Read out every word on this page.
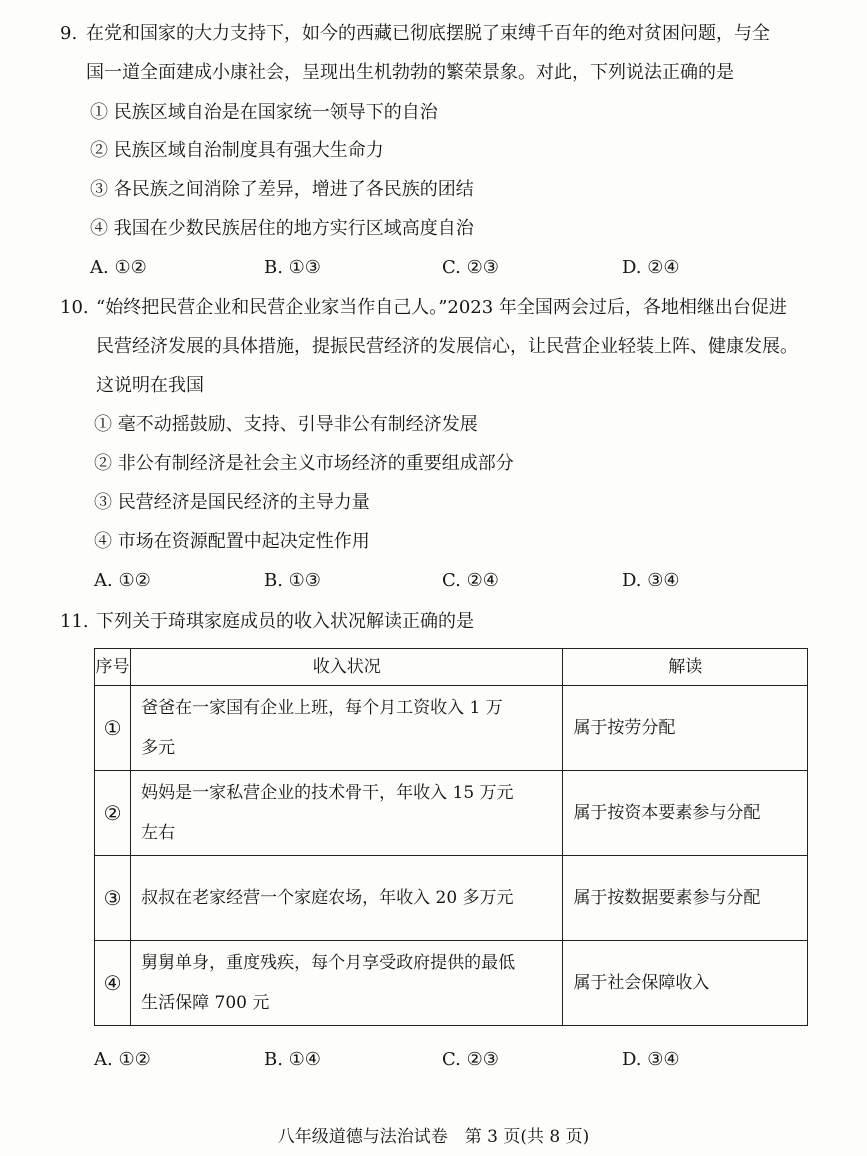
9. 在党和国家的大力支持下，如今的西藏已彻底摆脱了束缚千百年的绝对贫困问题，与全
国一道全面建成小康社会，呈现出生机勃勃的繁荣景象。对此，下列说法正确的是
① 民族区域自治是在国家统一领导下的自治
② 民族区域自治制度具有强大生命力
③ 各民族之间消除了差异，增进了各民族的团结
④ 我国在少数民族居住的地方实行区域高度自治
A. ①②	B. ①③	C. ②③	D. ②④
10. “始终把民营企业和民营企业家当作自己人。”2023 年全国两会过后，各地相继出台促进
民营经济发展的具体措施，提振民营经济的发展信心，让民营企业轻装上阵、健康发展。
这说明在我国
① 毫不动摇鼓励、支持、引导非公有制经济发展
② 非公有制经济是社会主义市场经济的重要组成部分
③ 民营经济是国民经济的主导力量
④ 市场在资源配置中起决定性作用
A. ①②	B. ①③	C. ②④	D. ③④
11. 下列关于琦琪家庭成员的收入状况解读正确的是
序号	收入状况	解读
①	爸爸在一家国有企业上班，每个月工资收入 1 万
多元	属于按劳分配
②	妈妈是一家私营企业的技术骨干，年收入 15 万元
左右	属于按资本要素参与分配
③	叔叔在老家经营一个家庭农场，年收入 20 多万元	属于按数据要素参与分配
④	舅舅单身，重度残疾，每个月享受政府提供的最低
生活保障 700 元	属于社会保障收入
A. ①②	B. ①④	C. ②③	D. ③④
八年级道德与法治试卷　第 3 页(共 8 页)
